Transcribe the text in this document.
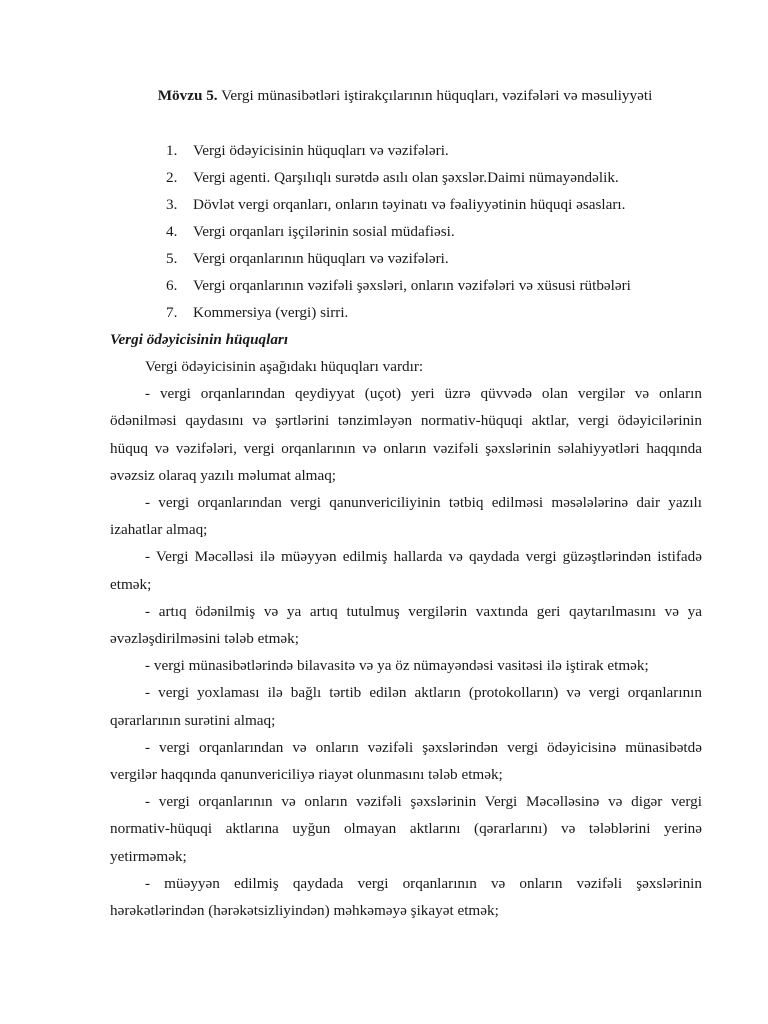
Mövzu 5. Vergi münasibətləri iştirakçılarının hüquqları, vəzifələri və məsuliyyəti
1. Vergi ödəyicisinin hüquqları və vəzifələri.
2. Vergi agenti. Qarşılıqlı surətdə asılı olan şəxslər.Daimi nümayəndəlik.
3. Dövlət vergi orqanları, onların təyinatı və fəaliyyətinin hüquqi əsasları.
4. Vergi orqanları işçilərinin sosial müdafiəsi.
5. Vergi orqanlarının hüquqları və vəzifələri.
6. Vergi orqanlarının vəzifəli şəxsləri, onların vəzifələri və xüsusi rütbələri
7. Kommersiya (vergi) sirri.
Vergi ödəyicisinin hüquqları

Vergi ödəyicisinin aşağıdakı hüquqları vardır:

- vergi orqanlarından qeydiyyat (uçot) yeri üzrə qüvvədə olan vergilər və onların ödənilməsi qaydasını və şərtlərini tənzimləyən normativ-hüquqi aktlar, vergi ödəyicilərinin hüquq və vəzifələri, vergi orqanlarının və onların vəzifəli şəxslərinin səlahiyyətləri haqqında əvəzsiz olaraq yazılı məlumat almaq;

- vergi orqanlarından vergi qanunvericiliyinin tətbiq edilməsi məsələlərinə dair yazılı izahatlar almaq;

- Vergi Məcəlləsi ilə müəyyən edilmiş hallarda və qaydada vergi güzəştlərindən istifadə etmək;

- artıq ödənilmiş və ya artıq tutulmuş vergilərin vaxtında geri qaytarılmasını və ya əvəzləşdirilməsini tələb etmək;

- vergi münasibətlərində bilavasitə və ya öz nümayəndəsi vasitəsi ilə iştirak etmək;

- vergi yoxlaması ilə bağlı tərtib edilən aktların (protokolların) və vergi orqanlarının qərarlarının surətini almaq;

- vergi orqanlarından və onların vəzifəli şəxslərindən vergi ödəyicisinə münasibətdə vergilər haqqında qanunvericiliyə riayət olunmasını tələb etmək;

- vergi orqanlarının və onların vəzifəli şəxslərinin Vergi Məcəlləsinə və digər vergi normativ-hüquqi aktlarına uyğun olmayan aktlarını (qərarlarını) və tələblərini yerinə yetirməmək;

- müəyyən edilmiş qaydada vergi orqanlarının və onların vəzifəli şəxslərinin hərəkətlərindən (hərəkətsizliyindən) məhkəməyə şikayət etmək;
